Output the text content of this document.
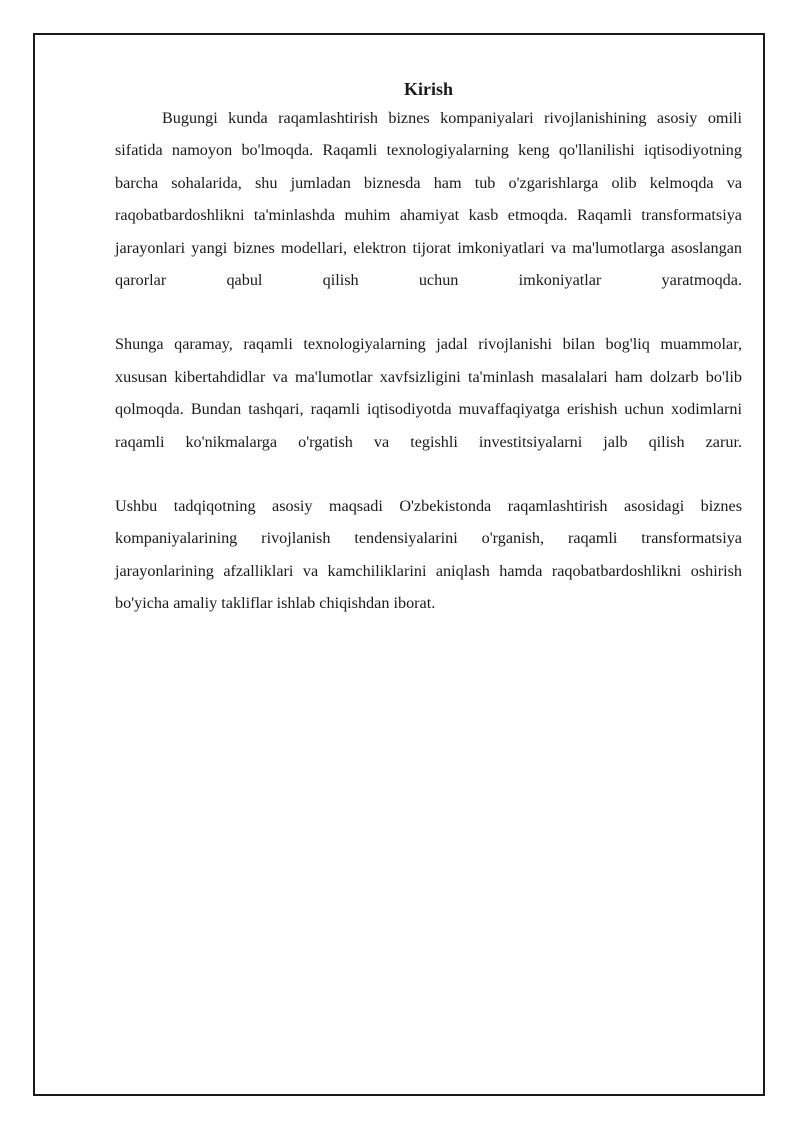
Kirish

Bugungi kunda raqamlashtirish biznes kompaniyalari rivojlanishining asosiy omili sifatida namoyon bo'lmoqda. Raqamli texnologiyalarning keng qo'llanilishi iqtisodiyotning barcha sohalarida, shu jumladan biznesda ham tub o'zgarishlarga olib kelmoqda va raqobatbardoshlikni ta'minlashda muhim ahamiyat kasb etmoqda. Raqamli transformatsiya jarayonlari yangi biznes modellari, elektron tijorat imkoniyatlari va ma'lumotlarga asoslangan qarorlar qabul qilish uchun imkoniyatlar yaratmoqda.

Shunga qaramay, raqamli texnologiyalarning jadal rivojlanishi bilan bog'liq muammolar, xususan kibertahdidlar va ma'lumotlar xavfsizligini ta'minlash masalalari ham dolzarb bo'lib qolmoqda. Bundan tashqari, raqamli iqtisodiyotda muvaffaqiyatga erishish uchun xodimlarni raqamli ko'nikmalarga o'rgatish va tegishli investitsiyalarni jalb qilish zarur.

Ushbu tadqiqotning asosiy maqsadi O'zbekistonda raqamlashtirish asosidagi biznes kompaniyalarining rivojlanish tendensiyalarini o'rganish, raqamli transformatsiya jarayonlarining afzalliklari va kamchiliklarini aniqlash hamda raqobatbardoshlikni oshirish bo'yicha amaliy takliflar ishlab chiqishdan iborat.
